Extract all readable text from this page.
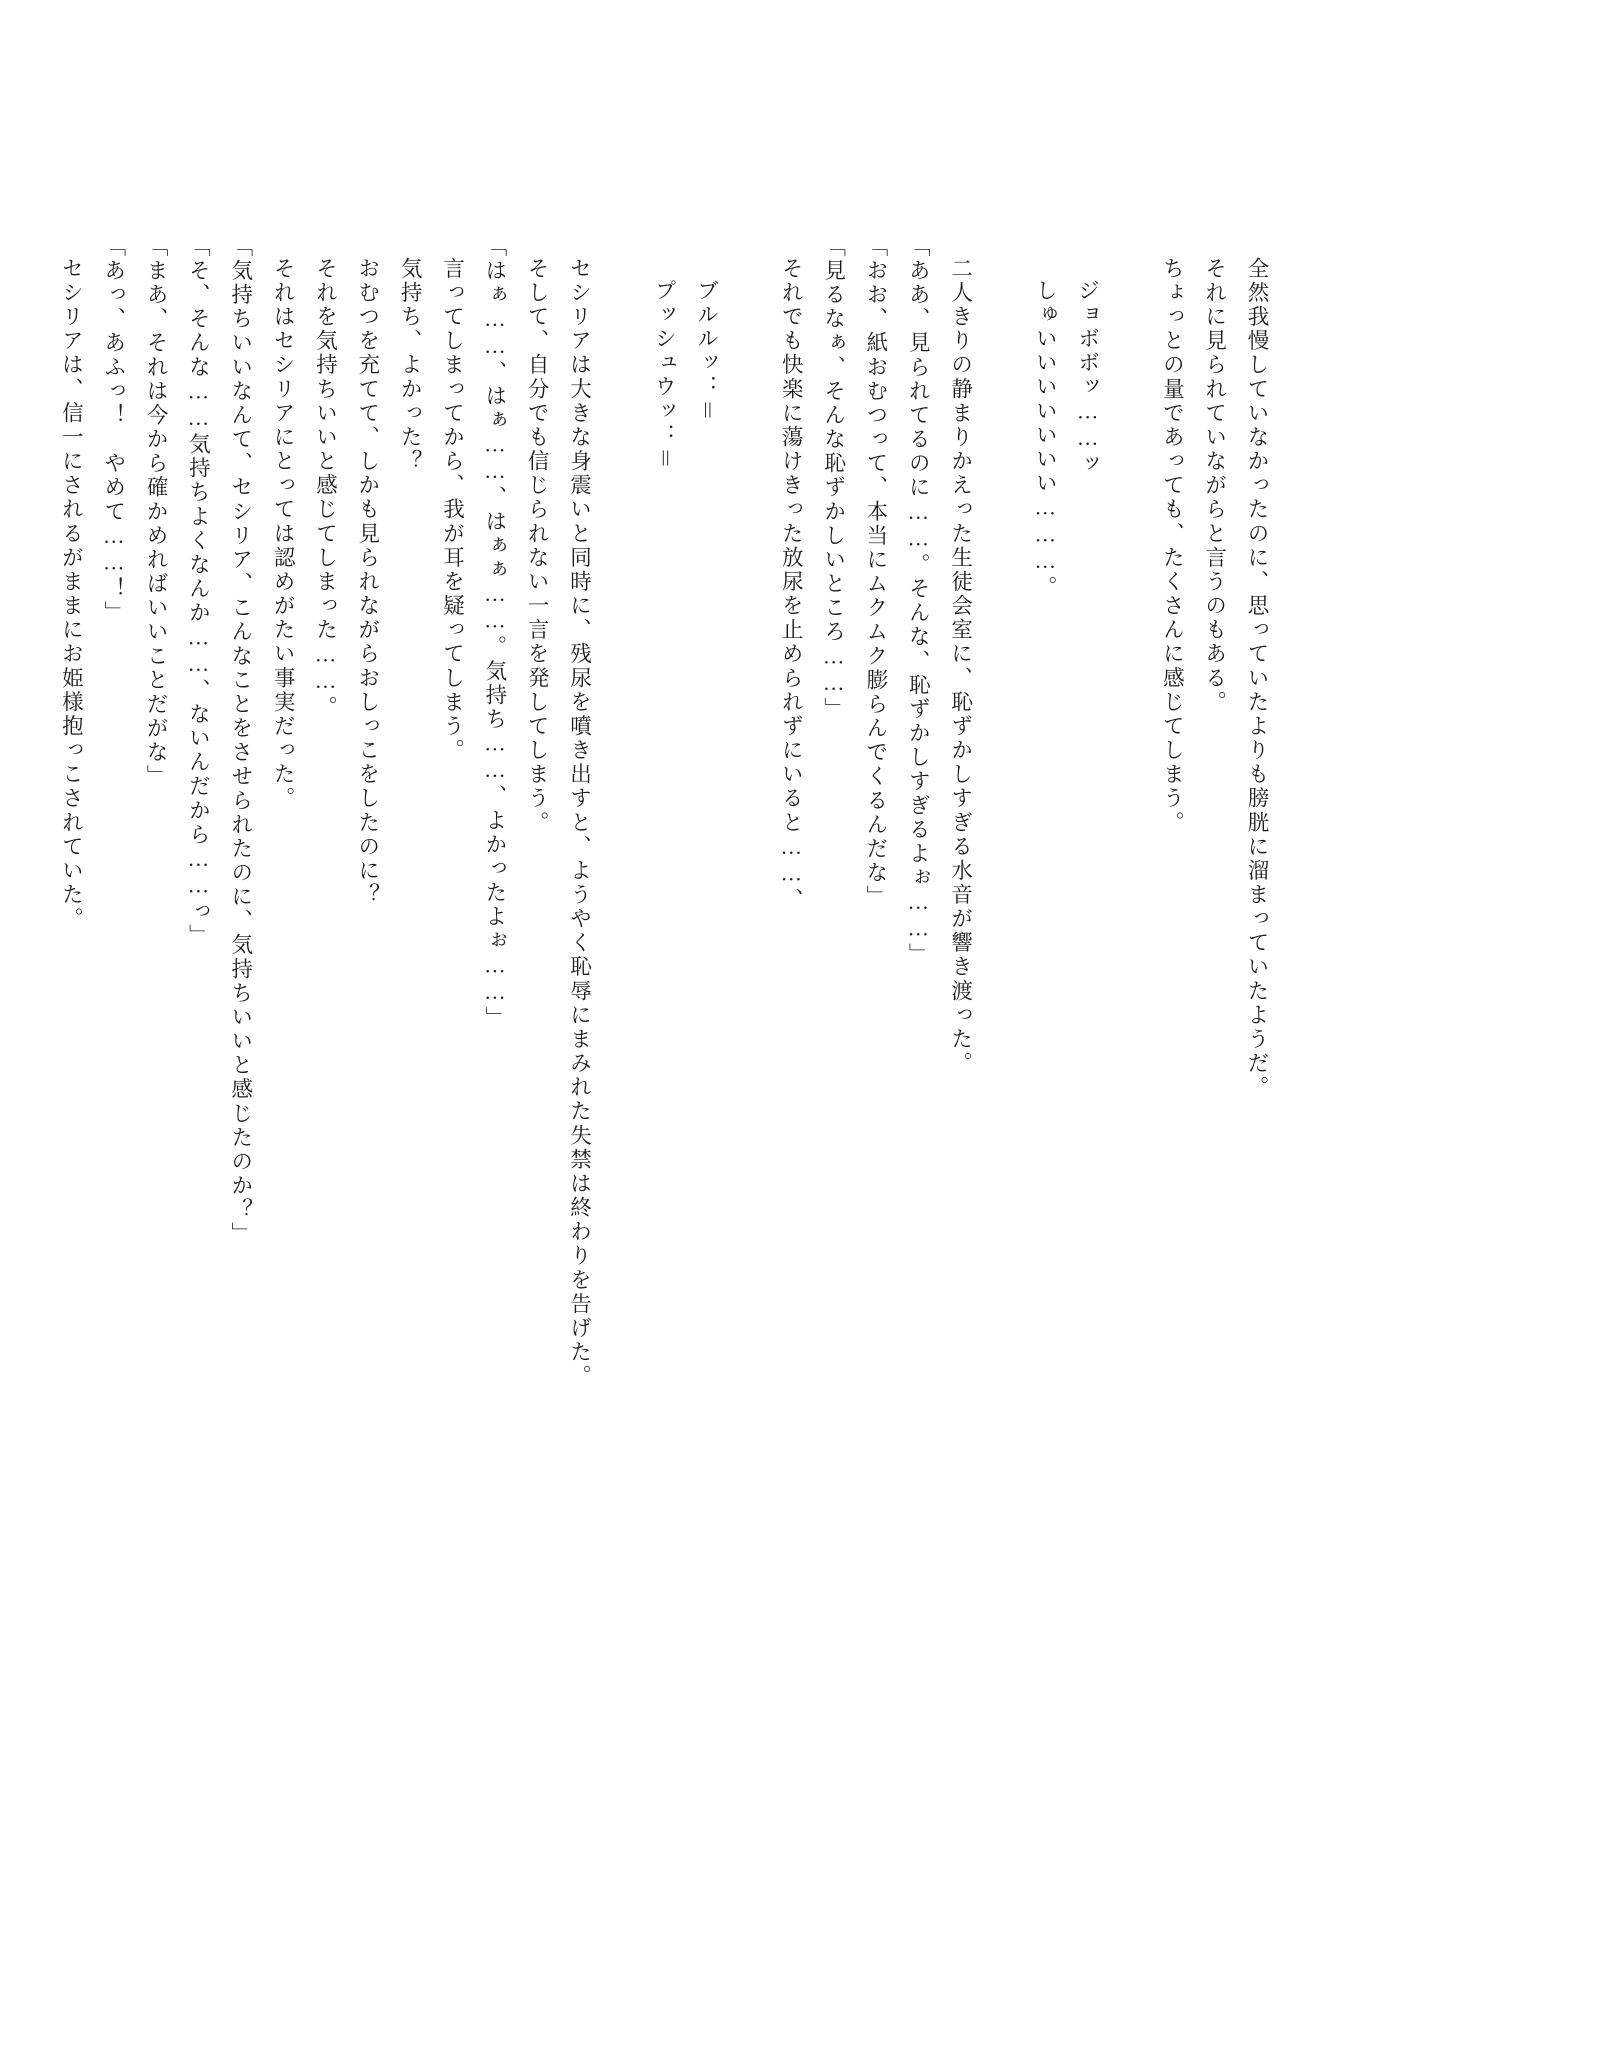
全然我慢していなかったのに、思っていたよりも膀胱に溜まっていたようだ。

それに見られていながらと言うのもある。

ちょっとの量であっても、たくさんに感じてしまう。

ジョボボッ……ッ

しゅいいいいいいい………。

二人きりの静まりかえった生徒会室に、恥ずかしすぎる水音が響き渡った。

「ああ、見られてるのに……。そんな、恥ずかしすぎるよぉ……」

「おお、紙おむつって、本当にムクムク膨らんでくるんだな」

「見るなぁ、そんな恥ずかしいところ……」

それでも快楽に蕩けきった放尿を止められずにいると……、

ブルルッ：＝

プッシュウッ：＝

セシリアは大きな身震いと同時に、残尿を噴き出すと、ようやく恥辱にまみれた失禁は終わりを告げた。

そして、自分でも信じられない一言を発してしまう。

「はぁ……、はぁ……、はぁぁ……。気持ち……、よかったよぉ……」

言ってしまってから、我が耳を疑ってしまう。

気持ち、よかった？

おむつを充てて、しかも見られながらおしっこをしたのに？

それを気持ちいいと感じてしまった……。

それはセシリアにとっては認めがたい事実だった。

「気持ちいいなんて、セシリア、こんなことをさせられたのに、気持ちいいと感じたのか？」

「そ、そんな……気持ちよくなんか……、ないんだから……っ」

「まあ、それは今から確かめればいいことだがな」

「あっ、あふっ！　やめて……！」

セシリアは、信一にされるがままにお姫様抱っこされていた。
